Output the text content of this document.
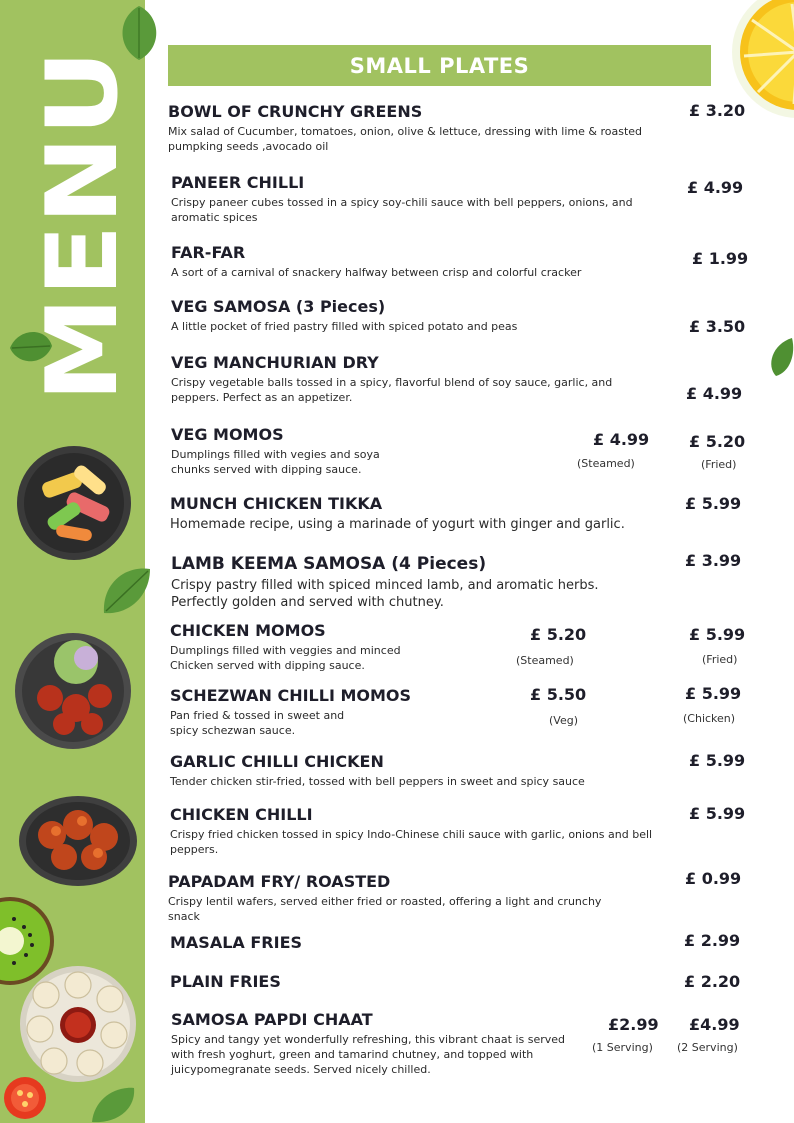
MENU
SMALL PLATES
BOWL OF CRUNCHY GREENS
Mix salad of Cucumber, tomatoes, onion, olive & lettuce, dressing with lime & roasted pumpking seeds ,avocado oil
£ 3.20
PANEER CHILLI
Crispy paneer cubes tossed in a spicy soy-chili sauce with bell peppers, onions, and aromatic spices
£ 4.99
FAR-FAR
A sort of a carnival of snackery halfway between crisp and colorful cracker
£ 1.99
VEG SAMOSA (3 Pieces)
A little pocket of fried pastry filled with spiced potato and peas	£ 3.50
VEG MANCHURIAN DRY
Crispy vegetable balls tossed in a spicy, flavorful blend of soy sauce, garlic, and peppers. Perfect as an appetizer.	£ 4.99
VEG MOMOS
Dumplings filled with vegies and soya chunks served with dipping sauce.
£ 4.99
(Steamed)
£ 5.20
(Fried)
MUNCH CHICKEN TIKKA
Homemade recipe, using a marinade of yogurt with ginger and garlic.
£ 5.99
LAMB KEEMA SAMOSA (4 Pieces)
Crispy pastry filled with spiced minced lamb, and aromatic herbs. Perfectly golden and served with chutney.
£ 3.99
CHICKEN MOMOS
Dumplings filled with veggies and minced Chicken served with dipping sauce.
£ 5.20
(Steamed)
£ 5.99
(Fried)
SCHEZWAN CHILLI MOMOS
Pan fried & tossed in sweet and spicy schezwan sauce.
£ 5.50
(Veg)
£ 5.99
(Chicken)
GARLIC CHILLI CHICKEN
Tender chicken stir-fried, tossed with bell peppers in sweet and spicy sauce
£ 5.99
CHICKEN CHILLI
Crispy fried chicken tossed in spicy Indo-Chinese chili sauce with garlic, onions and bell peppers.
£ 5.99
PAPADAM FRY/ ROASTED
Crispy lentil wafers, served either fried or roasted, offering a light and crunchy snack
£ 0.99
MASALA FRIES	£ 2.99
PLAIN FRIES	£ 2.20
SAMOSA PAPDI CHAAT
Spicy and tangy yet wonderfully refreshing, this vibrant chaat is served with fresh yoghurt, green and tamarind chutney, and topped with juicypomegranate seeds. Served nicely chilled.
£2.99
(1 Serving)
£4.99
(2 Serving)
